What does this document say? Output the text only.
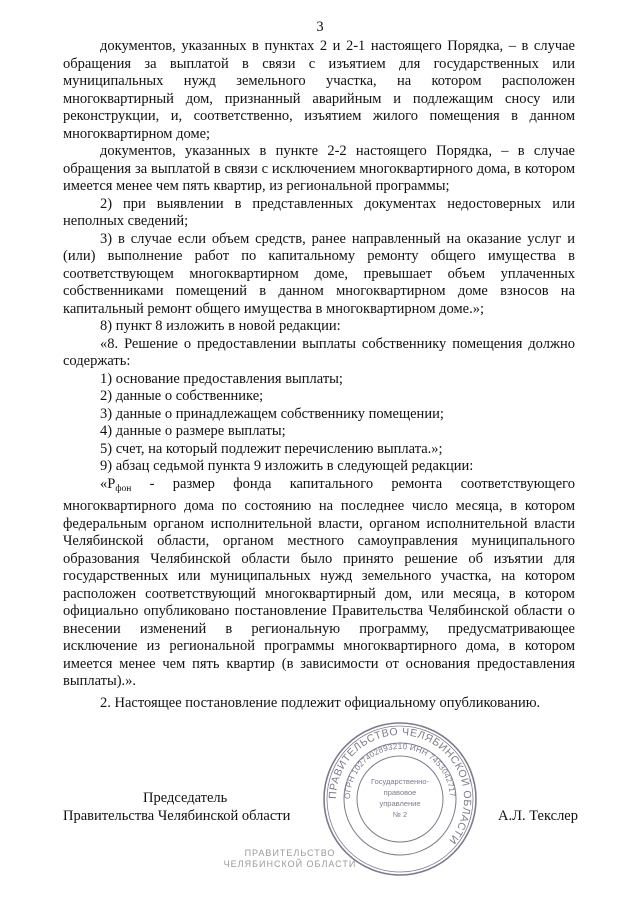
3

документов, указанных в пунктах 2 и 2-1 настоящего Порядка, – в случае обращения за выплатой в связи с изъятием для государственных или муниципальных нужд земельного участка, на котором расположен многоквартирный дом, признанный аварийным и подлежащим сносу или реконструкции, и, соответственно, изъятием жилого помещения в данном многоквартирном доме;

документов, указанных в пункте 2-2 настоящего Порядка, – в случае обращения за выплатой в связи с исключением многоквартирного дома, в котором имеется менее чем пять квартир, из региональной программы;

2) при выявлении в представленных документах недостоверных или неполных сведений;

3) в случае если объем средств, ранее направленный на оказание услуг и (или) выполнение работ по капитальному ремонту общего имущества в соответствующем многоквартирном доме, превышает объем уплаченных собственниками помещений в данном многоквартирном доме взносов на капитальный ремонт общего имущества в многоквартирном доме.»;

8) пункт 8 изложить в новой редакции:

«8. Решение о предоставлении выплаты собственнику помещения должно содержать:

1) основание предоставления выплаты;

2) данные о собственнике;

3) данные о принадлежащем собственнику помещении;

4) данные о размере выплаты;

5) счет, на который подлежит перечислению выплата.»;

9) абзац седьмой пункта 9 изложить в следующей редакции:

«$Р_{фон}$ - размер фонда капитального ремонта соответствующего многоквартирного дома по состоянию на последнее число месяца, в котором федеральным органом исполнительной власти, органом исполнительной власти Челябинской области, органом местного самоуправления муниципального образования Челябинской области было принято решение об изъятии для государственных или муниципальных нужд земельного участка, на котором расположен соответствующий многоквартирный дом, или месяца, в котором официально опубликовано постановление Правительства Челябинской области о внесении изменений в региональную программу, предусматривающее исключение из региональной программы многоквартирного дома, в котором имеется менее чем пять квартир (в зависимости от основания предоставления выплаты).».

2. Настоящее постановление подлежит официальному опубликованию.

ПРАВИТЕЛЬСТВО ЧЕЛЯБИНСКОЙ ОБЛАСТИ
ОГРН 1027402893210 ИНН 7453042717
Государственно-
правовое
управление
№ 2
Председатель
Правительства Челябинской области	А.Л. Текслер
ПРАВИТЕЛЬСТВО
ЧЕЛЯБИНСКОЙ ОБЛАСТИ
